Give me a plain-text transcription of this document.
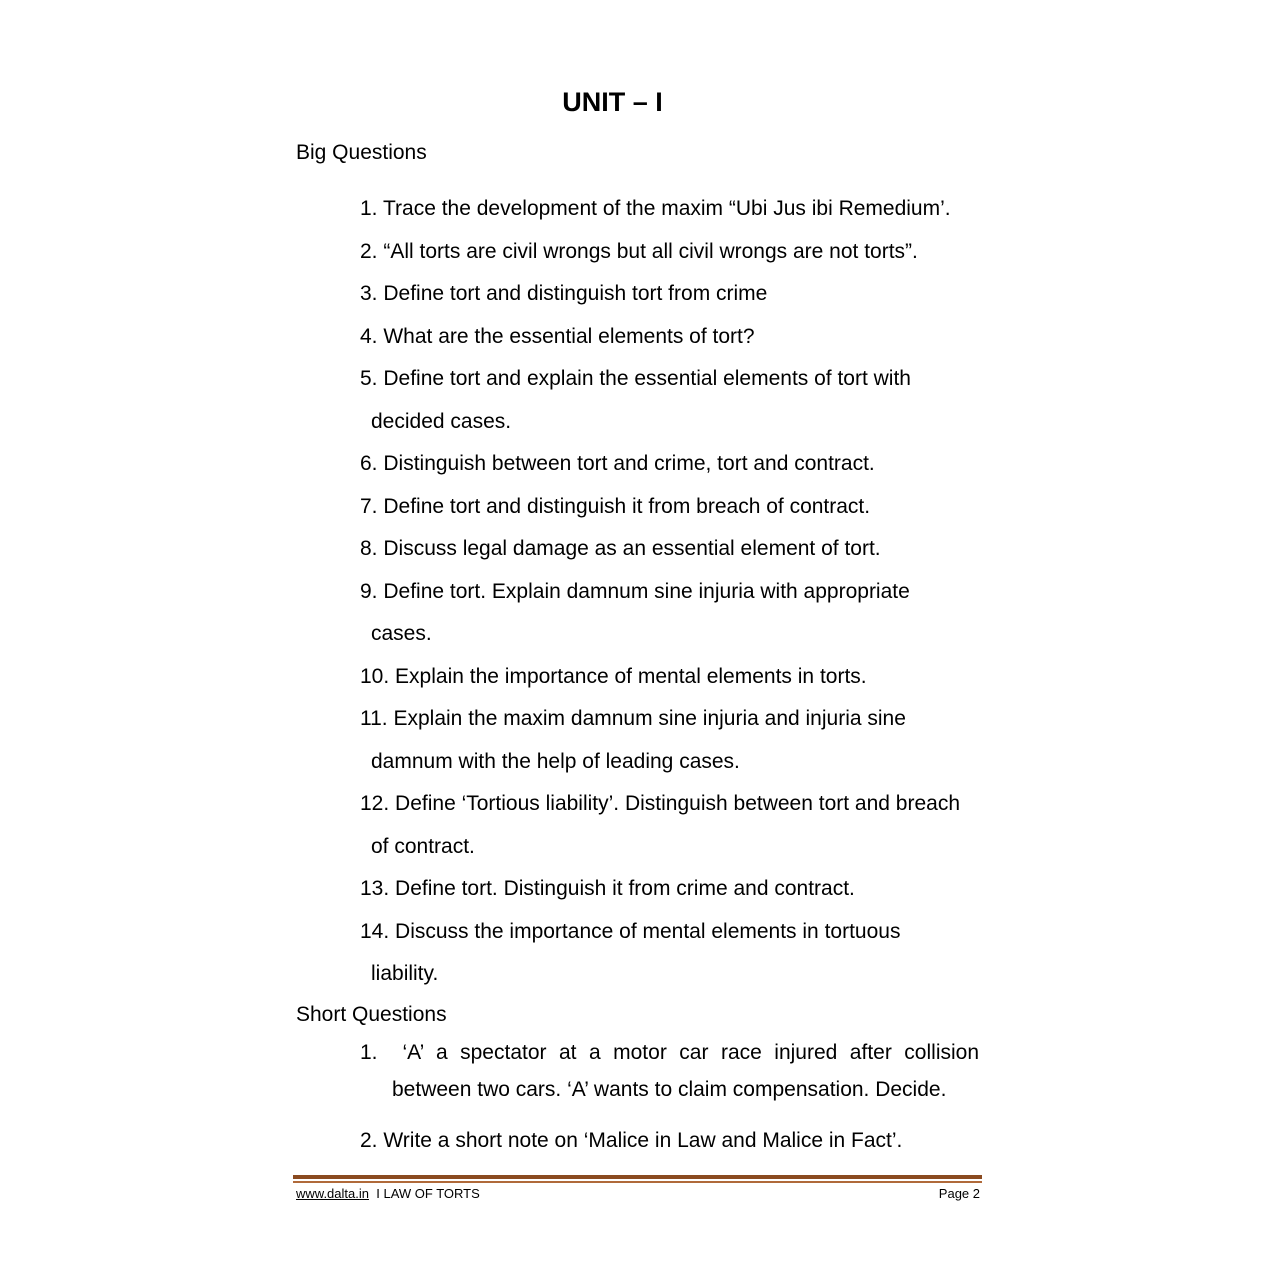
UNIT – I
Big Questions
1. Trace the development of the maxim “Ubi Jus ibi Remedium’.
2. “All torts are civil wrongs but all civil wrongs are not torts”.
3. Define tort and distinguish tort from crime
4. What are the essential elements of tort?
5. Define tort and explain the essential elements of tort with
decided cases.
6. Distinguish between tort and crime, tort and contract.
7. Define tort and distinguish it from breach of contract.
8. Discuss legal damage as an essential element of tort.
9. Define tort. Explain damnum sine injuria with appropriate
cases.
10. Explain the importance of mental elements in torts.
11. Explain the maxim damnum sine injuria and injuria sine
damnum with the help of leading cases.
12. Define ‘Tortious liability’. Distinguish between tort and breach
of contract.
13. Define tort. Distinguish it from crime and contract.
14. Discuss the importance of mental elements in tortuous
liability.
Short Questions
1. ‘A’ a spectator at a motor car race injured after collision between two cars. ‘A’ wants to claim compensation. Decide.
2. Write a short note on ‘Malice in Law and Malice in Fact’.
www.dalta.in I LAW OF TORTS	Page 2
